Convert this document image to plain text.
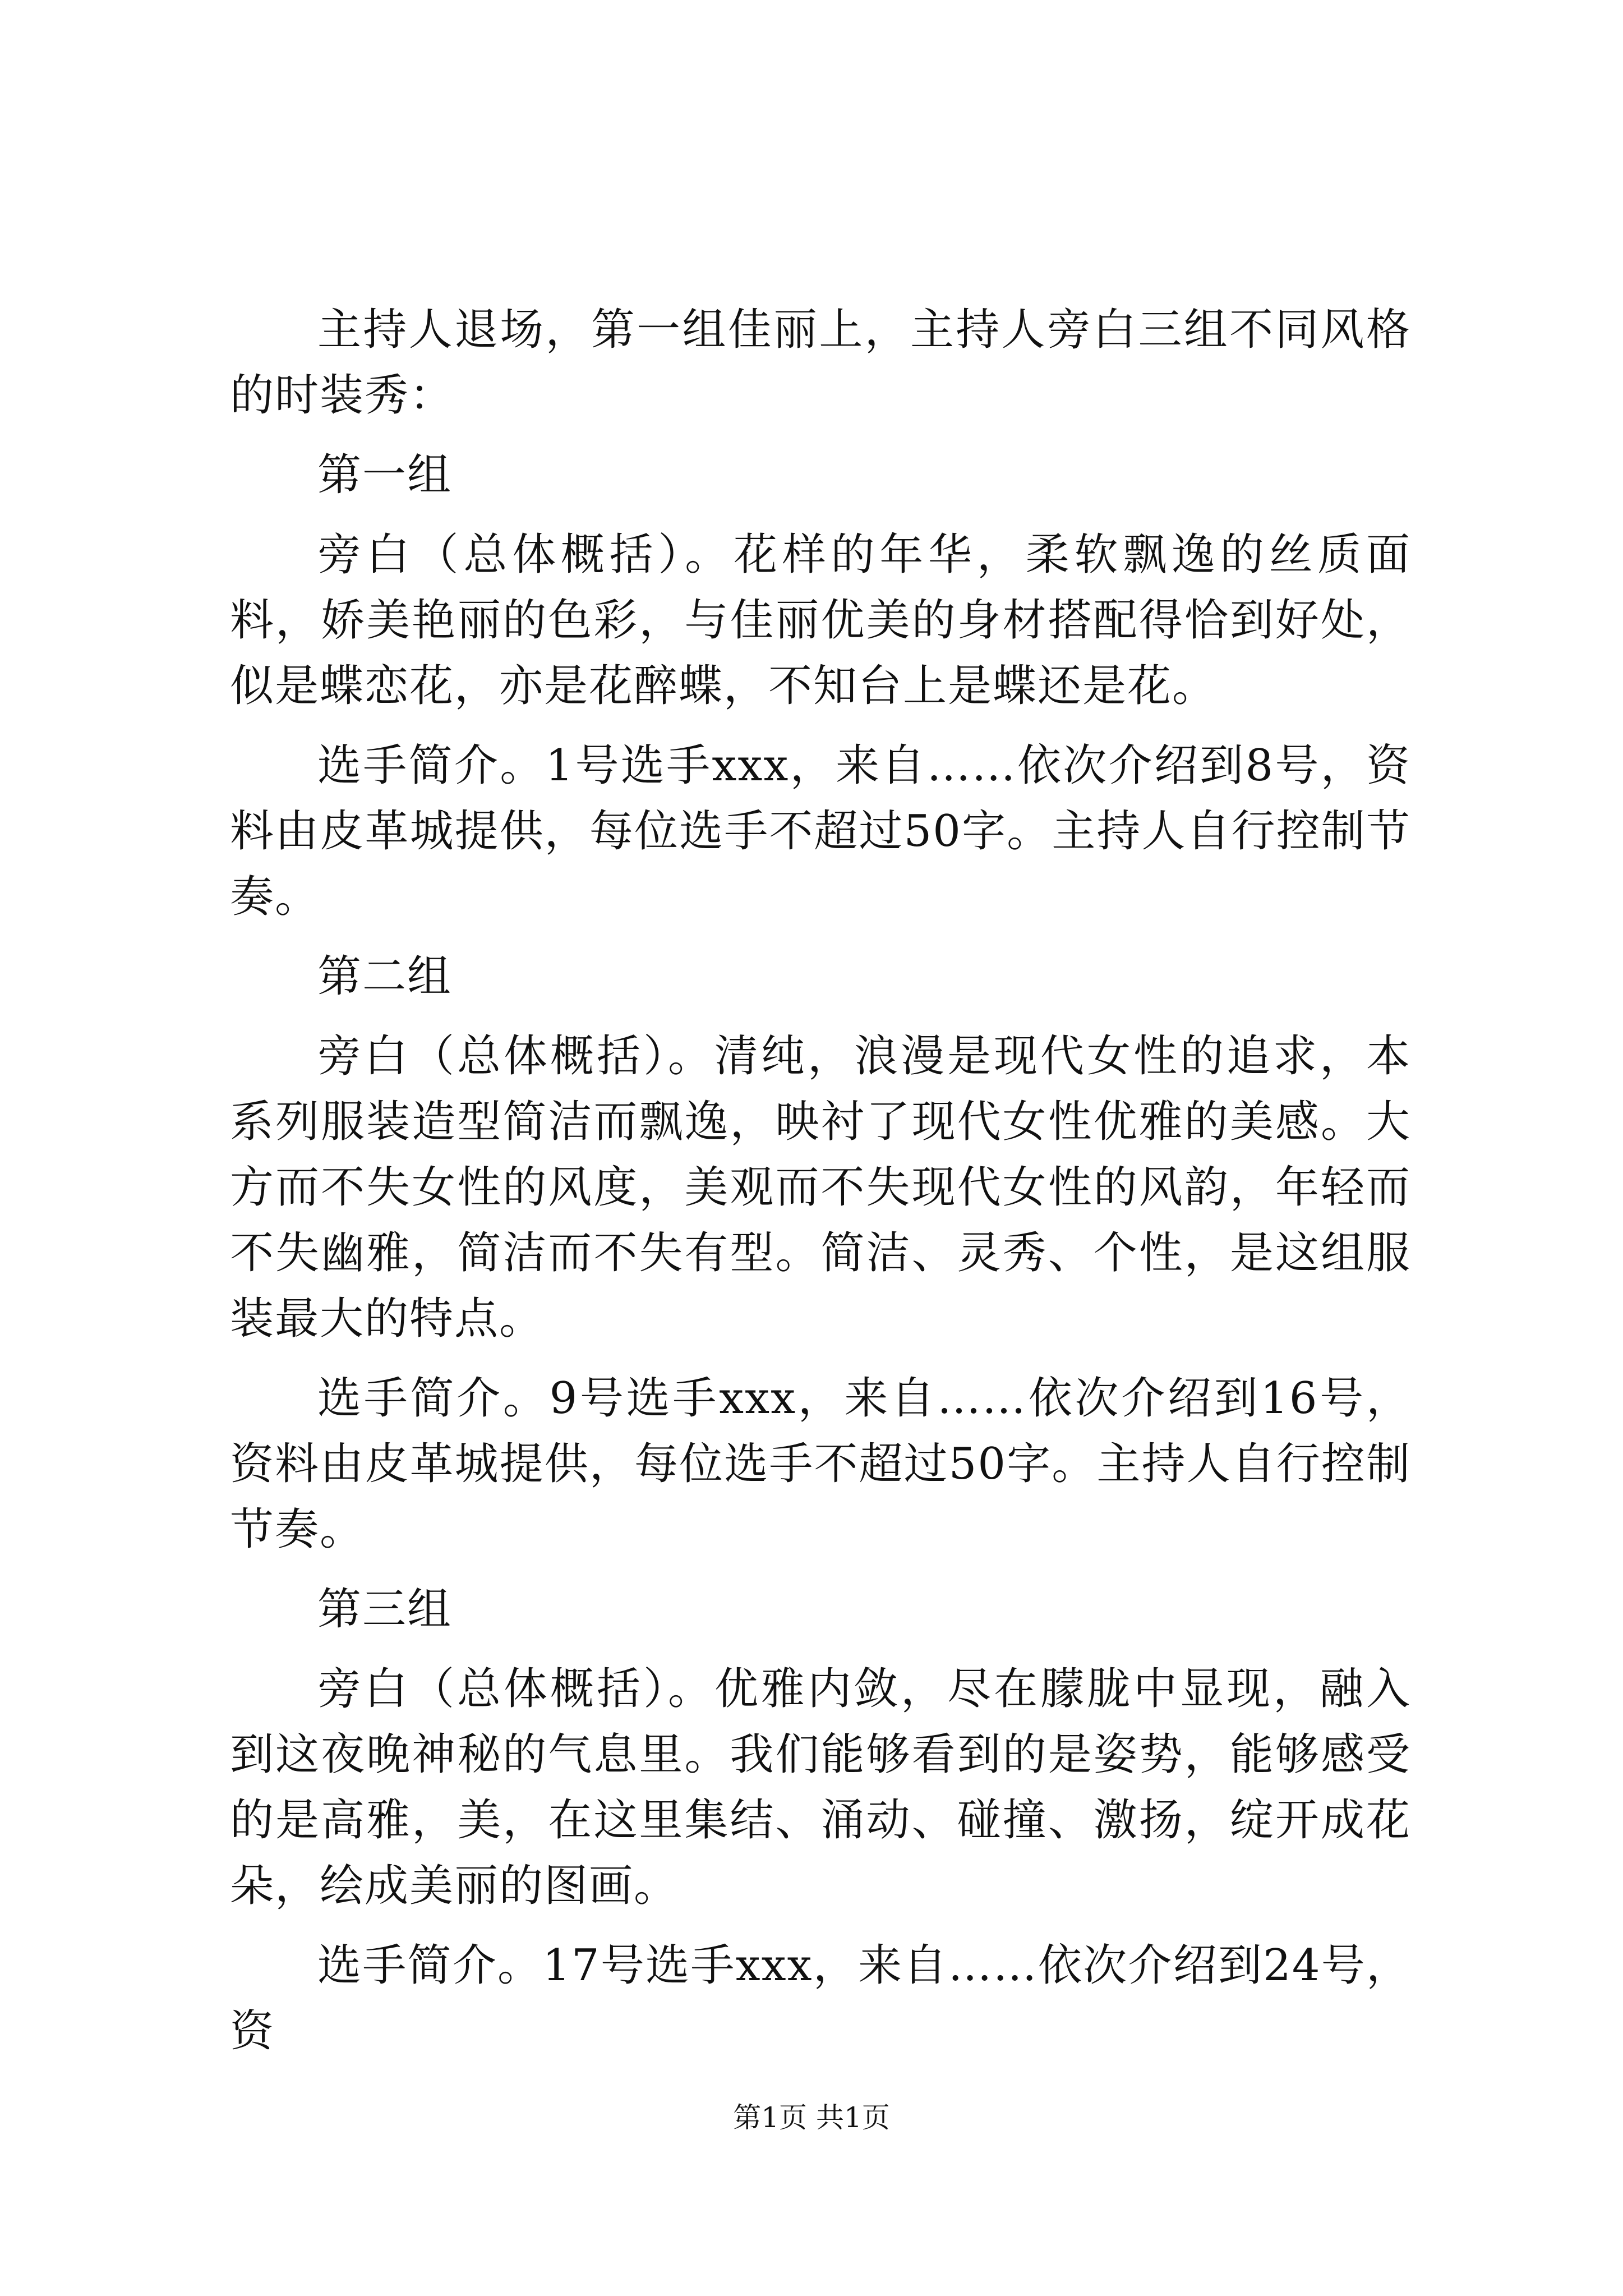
主持人退场，第一组佳丽上，主持人旁白三组不同风格的时装秀：

第一组

旁白（总体概括）。花样的年华，柔软飘逸的丝质面料，娇美艳丽的色彩，与佳丽优美的身材搭配得恰到好处，似是蝶恋花，亦是花醉蝶，不知台上是蝶还是花。

选手简介。1号选手xxx，来自……依次介绍到8号，资料由皮革城提供，每位选手不超过50字。主持人自行控制节奏。

第二组

旁白（总体概括）。清纯，浪漫是现代女性的追求，本系列服装造型简洁而飘逸，映衬了现代女性优雅的美感。大方而不失女性的风度，美观而不失现代女性的风韵，年轻而不失幽雅，简洁而不失有型。简洁、灵秀、个性，是这组服装最大的特点。

选手简介。9号选手xxx，来自……依次介绍到16号，资料由皮革城提供，每位选手不超过50字。主持人自行控制节奏。

第三组

旁白（总体概括）。优雅内敛，尽在朦胧中显现，融入到这夜晚神秘的气息里。我们能够看到的是姿势，能够感受的是高雅，美，在这里集结、涌动、碰撞、激扬，绽开成花朵，绘成美丽的图画。

选手简介。17号选手xxx，来自……依次介绍到24号，资

第1页 共1页
